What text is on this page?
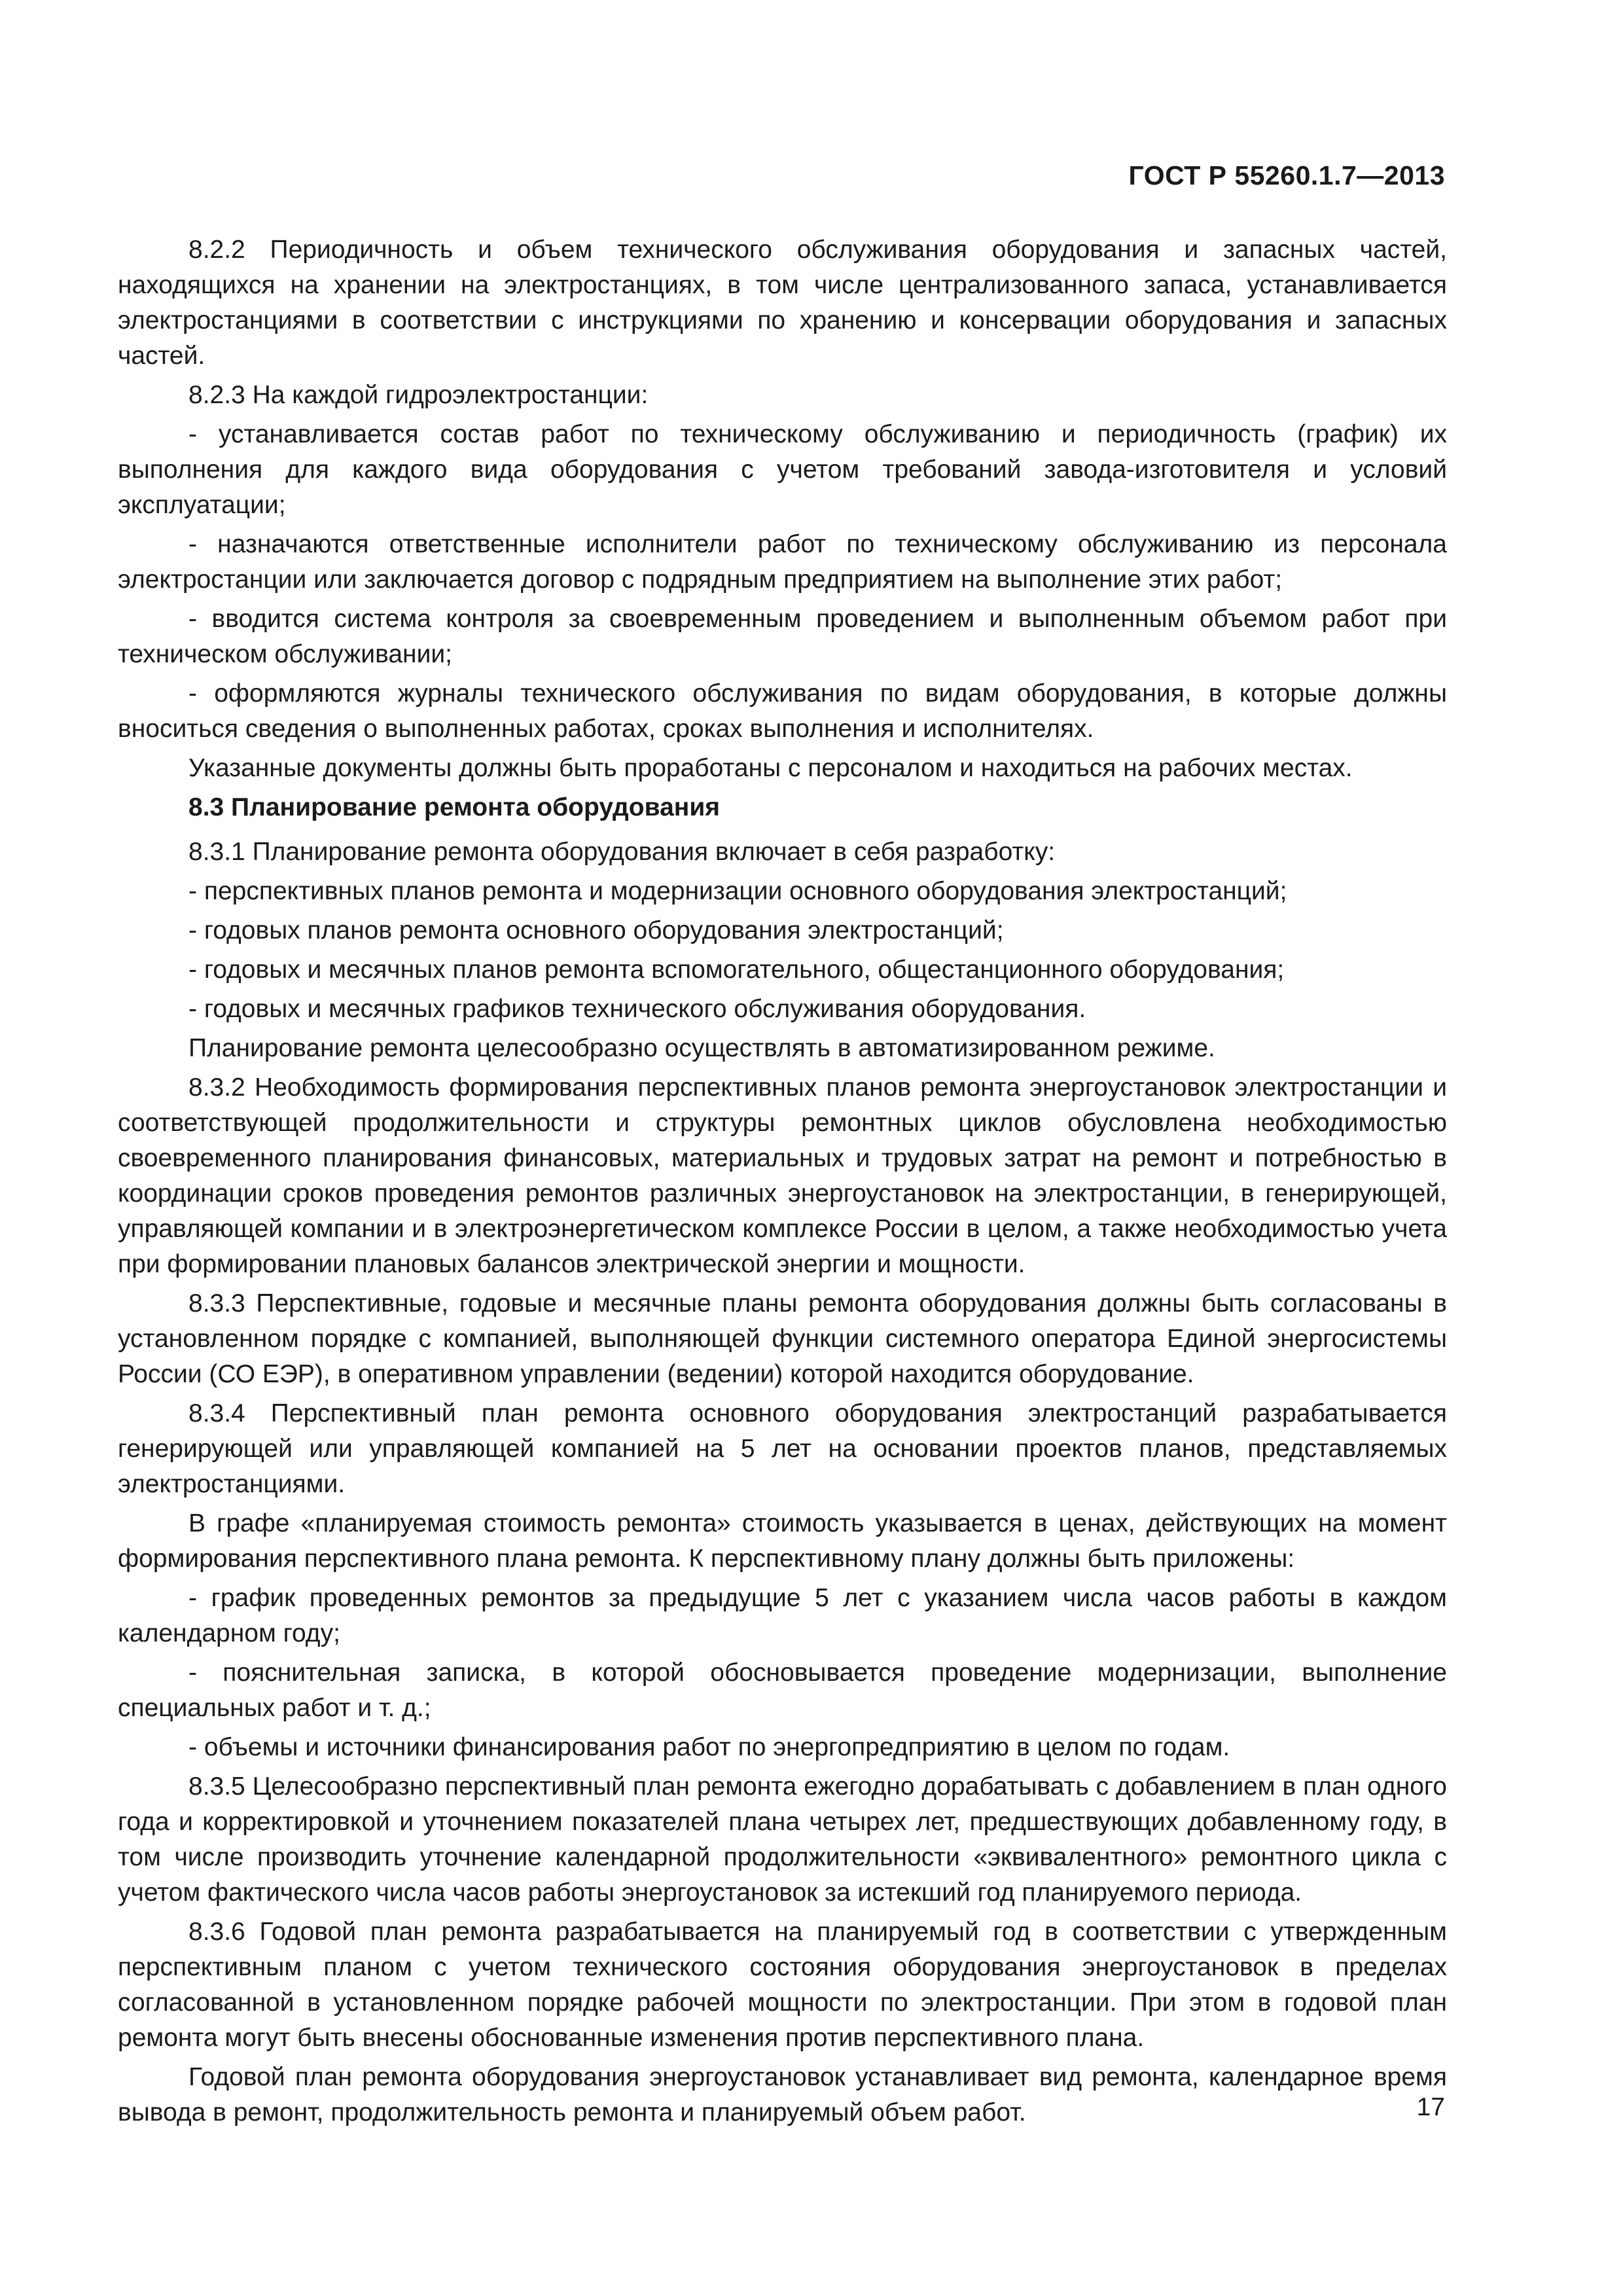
ГОСТ Р 55260.1.7—2013

8.2.2 Периодичность и объем технического обслуживания оборудования и запасных частей, находящихся на хранении на электростанциях, в том числе централизованного запаса, устанавливается электростанциями в соответствии с инструкциями по хранению и консервации оборудования и запасных частей.

8.2.3 На каждой гидроэлектростанции:

- устанавливается состав работ по техническому обслуживанию и периодичность (график) их выполнения для каждого вида оборудования с учетом требований завода-изготовителя и условий эксплуатации;

- назначаются ответственные исполнители работ по техническому обслуживанию из персонала электростанции или заключается договор с подрядным предприятием на выполнение этих работ;

- вводится система контроля за своевременным проведением и выполненным объемом работ при техническом обслуживании;

- оформляются журналы технического обслуживания по видам оборудования, в которые должны вноситься сведения о выполненных работах, сроках выполнения и исполнителях.

Указанные документы должны быть проработаны с персоналом и находиться на рабочих местах.

8.3 Планирование ремонта оборудования

8.3.1 Планирование ремонта оборудования включает в себя разработку:

- перспективных планов ремонта и модернизации основного оборудования электростанций;

- годовых планов ремонта основного оборудования электростанций;

- годовых и месячных планов ремонта вспомогательного, общестанционного оборудования;

- годовых и месячных графиков технического обслуживания оборудования.

Планирование ремонта целесообразно осуществлять в автоматизированном режиме.

8.3.2 Необходимость формирования перспективных планов ремонта энергоустановок электростанции и соответствующей продолжительности и структуры ремонтных циклов обусловлена необходимостью своевременного планирования финансовых, материальных и трудовых затрат на ремонт и потребностью в координации сроков проведения ремонтов различных энергоустановок на электростанции, в генерирующей, управляющей компании и в электроэнергетическом комплексе России в целом, а также необходимостью учета при формировании плановых балансов электрической энергии и мощности.

8.3.3 Перспективные, годовые и месячные планы ремонта оборудования должны быть согласованы в установленном порядке с компанией, выполняющей функции системного оператора Единой энергосистемы России (СО ЕЭР), в оперативном управлении (ведении) которой находится оборудование.

8.3.4 Перспективный план ремонта основного оборудования электростанций разрабатывается генерирующей или управляющей компанией на 5 лет на основании проектов планов, представляемых электростанциями.

В графе «планируемая стоимость ремонта» стоимость указывается в ценах, действующих на момент формирования перспективного плана ремонта. К перспективному плану должны быть приложены:

- график проведенных ремонтов за предыдущие 5 лет с указанием числа часов работы в каждом календарном году;

- пояснительная записка, в которой обосновывается проведение модернизации, выполнение специальных работ и т. д.;

- объемы и источники финансирования работ по энергопредприятию в целом по годам.

8.3.5 Целесообразно перспективный план ремонта ежегодно дорабатывать с добавлением в план одного года и корректировкой и уточнением показателей плана четырех лет, предшествующих добавленному году, в том числе производить уточнение календарной продолжительности «эквивалентного» ремонтного цикла с учетом фактического числа часов работы энергоустановок за истекший год планируемого периода.

8.3.6 Годовой план ремонта разрабатывается на планируемый год в соответствии с утвержденным перспективным планом с учетом технического состояния оборудования энергоустановок в пределах согласованной в установленном порядке рабочей мощности по электростанции. При этом в годовой план ремонта могут быть внесены обоснованные изменения против перспективного плана.

Годовой план ремонта оборудования энергоустановок устанавливает вид ремонта, календарное время вывода в ремонт, продолжительность ремонта и планируемый объем работ.	17
